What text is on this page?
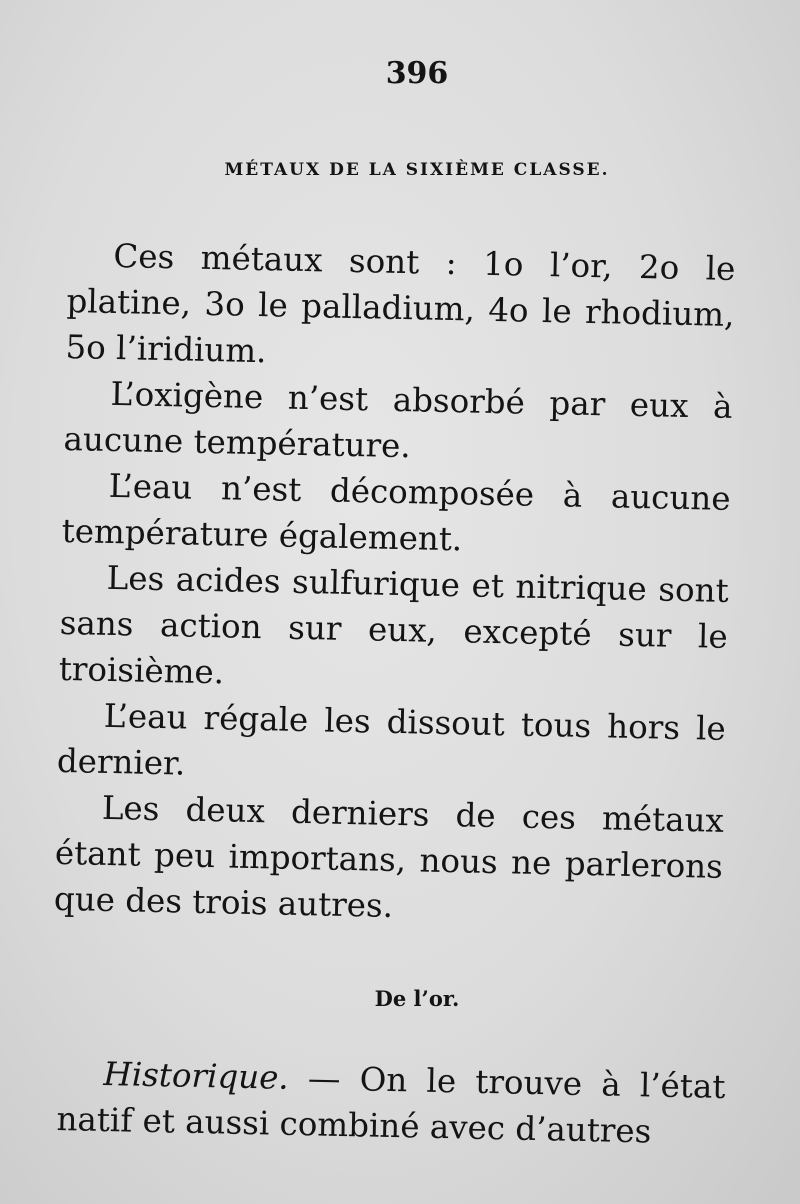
396
MÉTAUX DE LA SIXIÈME CLASSE.

Ces métaux sont : 1o l’or, 2o le platine, 3o le palladium, 4o le rhodium, 5o l’iridium.

L’oxigène n’est absorbé par eux à aucune température.

L’eau n’est décomposée à aucune température également.

Les acides sulfurique et nitrique sont sans action sur eux, excepté sur le troisième.

L’eau régale les dissout tous hors le dernier.

Les deux derniers de ces métaux étant peu importans, nous ne parlerons que des trois autres.

De l’or.

Historique. — On le trouve à l’état natif et aussi combiné avec d’autres
